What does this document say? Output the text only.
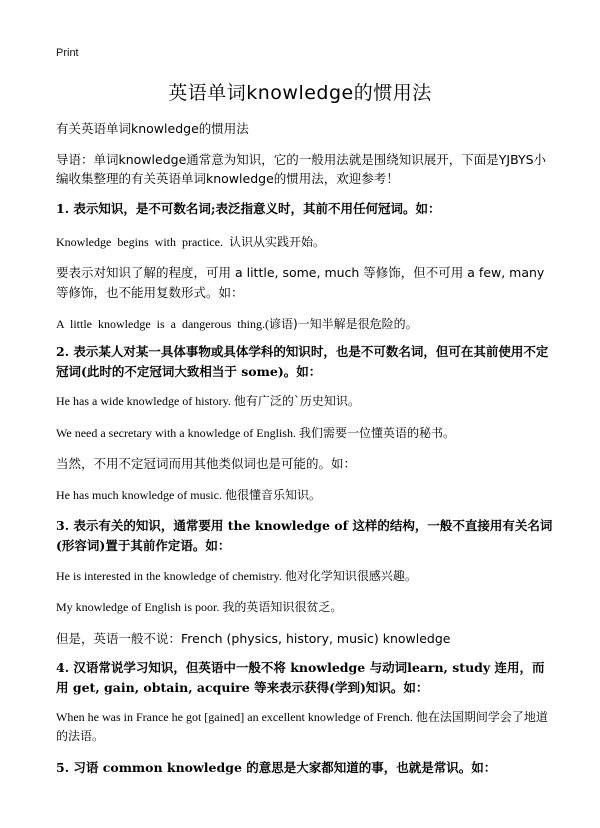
Print
英语单词knowledge的惯用法

有关英语单词knowledge的惯用法

导语：单词knowledge通常意为知识，它的一般用法就是围绕知识展开，下面是YJBYS小编收集整理的有关英语单词knowledge的惯用法，欢迎参考！

1. 表示知识，是不可数名词;表泛指意义时，其前不用任何冠词。如：

Knowledge begins with practice. 认识从实践开始。

要表示对知识了解的程度，可用 a little, some, much 等修饰，但不可用 a few, many 等修饰，也不能用复数形式。如：

A little knowledge is a dangerous thing.(谚语)一知半解是很危险的。

2. 表示某人对某一具体事物或具体学科的知识时，也是不可数名词，但可在其前使用不定冠词(此时的不定冠词大致相当于 some)。如：

He has a wide knowledge of history. 他有广泛的`历史知识。

We need a secretary with a knowledge of English. 我们需要一位懂英语的秘书。

当然，不用不定冠词而用其他类似词也是可能的。如：

He has much knowledge of music. 他很懂音乐知识。

3. 表示有关的知识，通常要用 the knowledge of 这样的结构，一般不直接用有关名词(形容词)置于其前作定语。如：

He is interested in the knowledge of chemistry. 他对化学知识很感兴趣。

My knowledge of English is poor. 我的英语知识很贫乏。

但是，英语一般不说：French (physics, history, music) knowledge

4. 汉语常说学习知识，但英语中一般不将 knowledge 与动词learn, study 连用，而用 get, gain, obtain, acquire 等来表示获得(学到)知识。如：

When he was in France he got [gained] an excellent knowledge of French. 他在法国期间学会了地道的法语。

5. 习语 common knowledge 的意思是大家都知道的事，也就是常识。如：
